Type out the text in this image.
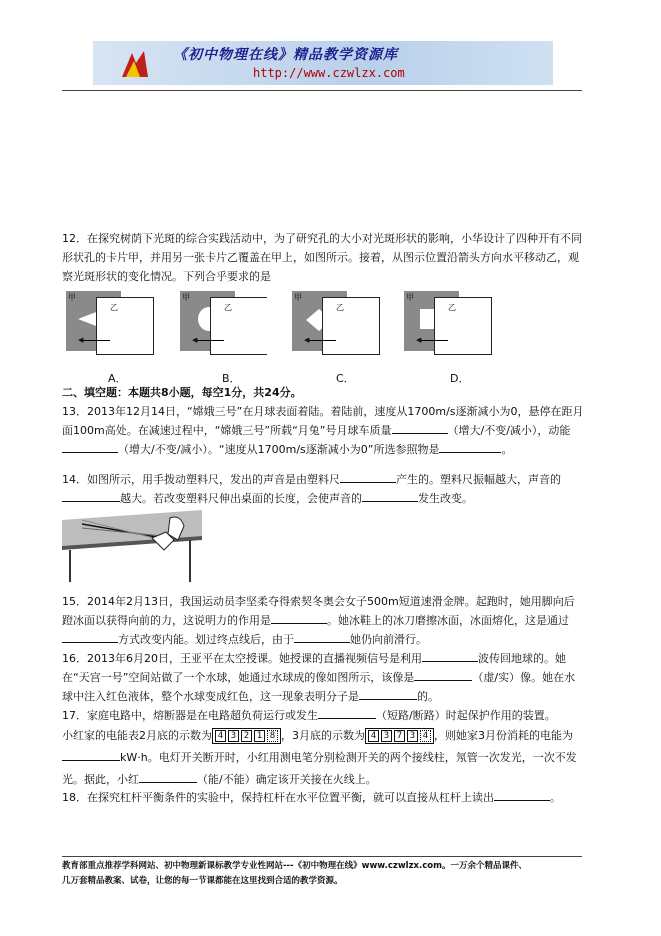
《初中物理在线》精品教学资源库
http://www.czwlzx.com
12．在探究树荫下光斑的综合实践活动中，为了研究孔的大小对光斑形状的影响，小华设计了四种开有不同形状孔的卡片甲，并用另一张卡片乙覆盖在甲上，如图所示。接着，从图示位置沿箭头方向水平移动乙，观察光斑形状的变化情况。下列合乎要求的是
甲
乙
◀
甲
乙
◀
甲
乙
◀
甲
乙
◀
A．	B．	C．	D．
二、填空题：本题共8小题，每空1分，共24分。
13．2013年12月14日，“嫦娥三号”在月球表面着陆。着陆前，速度从1700m/s逐渐减小为0，悬停在距月面100m高处。在减速过程中，“嫦娥三号”所载“月兔”号月球车质量	（增大/不变/减小），动能（增大/不变/减小）。“速度从1700m/s逐渐减小为0”所选参照物是	。
14．如图所示，用手拨动塑料尺，发出的声音是由塑料尺	产生的。塑料尺振幅越大，声音的越大。若改变塑料尺伸出桌面的长度，会使声音的	发生改变。
15．2014年2月13日，我国运动员李坚柔夺得索契冬奥会女子500m短道速滑金牌。起跑时，她用脚向后蹬冰面以获得向前的力，这说明力的作用是	。她冰鞋上的冰刀磨擦冰面，冰面熔化，这是通过方式改变内能。划过终点线后，由于	她仍向前滑行。
16．2013年6月20日，王亚平在太空授课。她授课的直播视频信号是利用	波传回地球的。她在“天宫一号”空间站做了一个水球，她通过水球成的像如图所示，该像是	（虚/实）像。她在水球中注入红色液体，整个水球变成红色，这一现象表明分子是	的。
17．家庭电路中，熔断器是在电路超负荷运行或发生	（短路/断路）时起保护作用的装置。
小红家的电能表2月底的示数为 4 3 2 1 8 ，3月底的示数为 4 3 7 3 4 ，则她家3月份消耗的电能为kW·h。电灯开关断开时，小红用测电笔分别检测开关的两个接线柱，氖管一次发光，一次不发光。据此，小红	（能/不能）确定该开关接在火线上。
18．在探究杠杆平衡条件的实验中，保持杠杆在水平位置平衡，就可以直接从杠杆上读出	。
教育部重点推荐学科网站、初中物理新课标教学专业性网站---《初中物理在线》www.czwlzx.com。一万余个精品课件、
几万套精品教案、试卷，让您的每一节课都能在这里找到合适的教学资源。
